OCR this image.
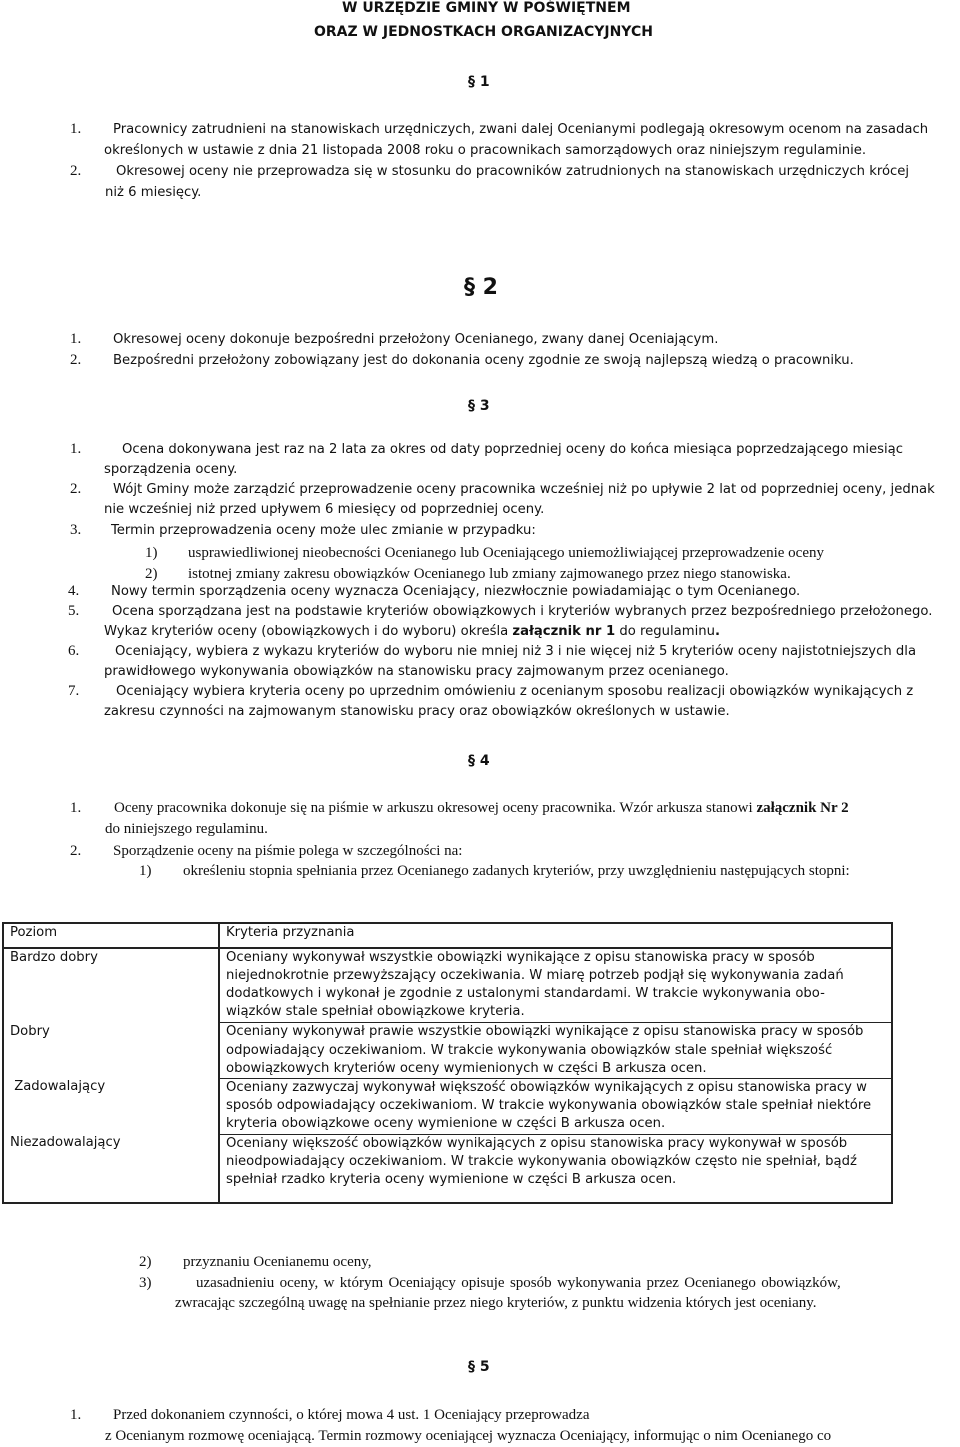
W URZĘDZIE GMINY W POŚWIĘTNEM
ORAZ W JEDNOSTKACH ORGANIZACYJNYCH
§ 1
1. Pracownicy zatrudnieni na stanowiskach urzędniczych, zwani dalej Ocenianymi podlegają okresowym ocenom na zasadach
określonych w ustawie z dnia 21 listopada 2008 roku o pracownikach samorządowych oraz niniejszym regulaminie.
2.	Okresowej oceny nie przeprowadza się w stosunku do pracowników zatrudnionych na stanowiskach urzędniczych krócej
niż 6 miesięcy.
§ 2
1. Okresowej oceny dokonuje bezpośredni przełożony Ocenianego, zwany danej Oceniającym.
2. Bezpośredni przełożony zobowiązany jest do dokonania oceny zgodnie ze swoją najlepszą wiedzą o pracowniku.
§ 3
1.	Ocena dokonywana jest raz na 2 lata za okres od daty poprzedniej oceny do końca miesiąca poprzedzającego miesiąc
sporządzenia oceny.
2. Wójt Gminy może zarządzić przeprowadzenie oceny pracownika wcześniej niż po upływie 2 lat od poprzedniej oceny, jednak
nie wcześniej niż przed upływem 6 miesięcy od poprzedniej oceny.
3. Termin przeprowadzenia oceny może ulec zmianie w przypadku:
1) usprawiedliwionej nieobecności Ocenianego lub Oceniającego uniemożliwiającej przeprowadzenie oceny
2) istotnej zmiany zakresu obowiązków Ocenianego lub zmiany zajmowanego przez niego stanowiska.
4. Nowy termin sporządzenia oceny wyznacza Oceniający, niezwłocznie powiadamiając o tym Ocenianego.
5. Ocena sporządzana jest na podstawie kryteriów obowiązkowych i kryteriów wybranych przez bezpośredniego przełożonego.
Wykaz kryteriów oceny (obowiązkowych i do wyboru) określa załącznik nr 1 do regulaminu.
6.	Oceniający, wybiera z wykazu kryteriów do wyboru nie mniej niż 3 i nie więcej niż 5 kryteriów oceny najistotniejszych dla
prawidłowego wykonywania obowiązków na stanowisku pracy zajmowanym przez ocenianego.
7.	Oceniający wybiera kryteria oceny po uprzednim omówieniu z ocenianym sposobu realizacji obowiązków wynikających z
zakresu czynności na zajmowanym stanowisku pracy oraz obowiązków określonych w ustawie.
§ 4
1. Oceny pracownika dokonuje się na piśmie w arkuszu okresowej oceny pracownika. Wzór arkusza stanowi załącznik Nr 2
do niniejszego regulaminu.
2. Sporządzenie oceny na piśmie polega w szczególności na:
1) określeniu stopnia spełniania przez Ocenianego zadanych kryteriów, przy uwzględnieniu następujących stopni:
Poziom	Kryteria przyznania
Bardzo dobry	Oceniany wykonywał wszystkie obowiązki wynikające z opisu stanowiska pracy w sposób
niejednokrotnie przewyższający oczekiwania. W miarę potrzeb podjął się wykonywania zadań
dodatkowych i wykonał je zgodnie z ustalonymi standardami. W trakcie wykonywania obo-
wiązków stale spełniał obowiązkowe kryteria.

Dobry	Oceniany wykonywał prawie wszystkie obowiązki wynikające z opisu stanowiska pracy w sposób
odpowiadający oczekiwaniom. W trakcie wykonywania obowiązków stale spełniał większość
obowiązkowych kryteriów oceny wymienionych w części B arkusza ocen.

Zadowalający	Oceniany zazwyczaj wykonywał większość obowiązków wynikających z opisu stanowiska pracy w
sposób odpowiadający oczekiwaniom. W trakcie wykonywania obowiązków stale spełniał niektóre
kryteria obowiązkowe oceny wymienione w części B arkusza ocen.

Niezadowalający	Oceniany większość obowiązków wynikających z opisu stanowiska pracy wykonywał w sposób
nieodpowiadający oczekiwaniom. W trakcie wykonywania obowiązków często nie spełniał, bądź
spełniał rzadko kryteria oceny wymienione w części B arkusza ocen.
2) przyznaniu Ocenianemu oceny,
3)	uzasadnieniu oceny, w którym Oceniający opisuje sposób wykonywania przez Ocenianego obowiązków,
zwracając szczególną uwagę na spełnianie przez niego kryteriów, z punktu widzenia których jest oceniany.
§ 5
1. Przed dokonaniem czynności, o której mowa 4 ust. 1 Oceniający przeprowadza
z Ocenianym rozmowę oceniającą. Termin rozmowy oceniającej wyznacza Oceniający, informując o nim Ocenianego co
